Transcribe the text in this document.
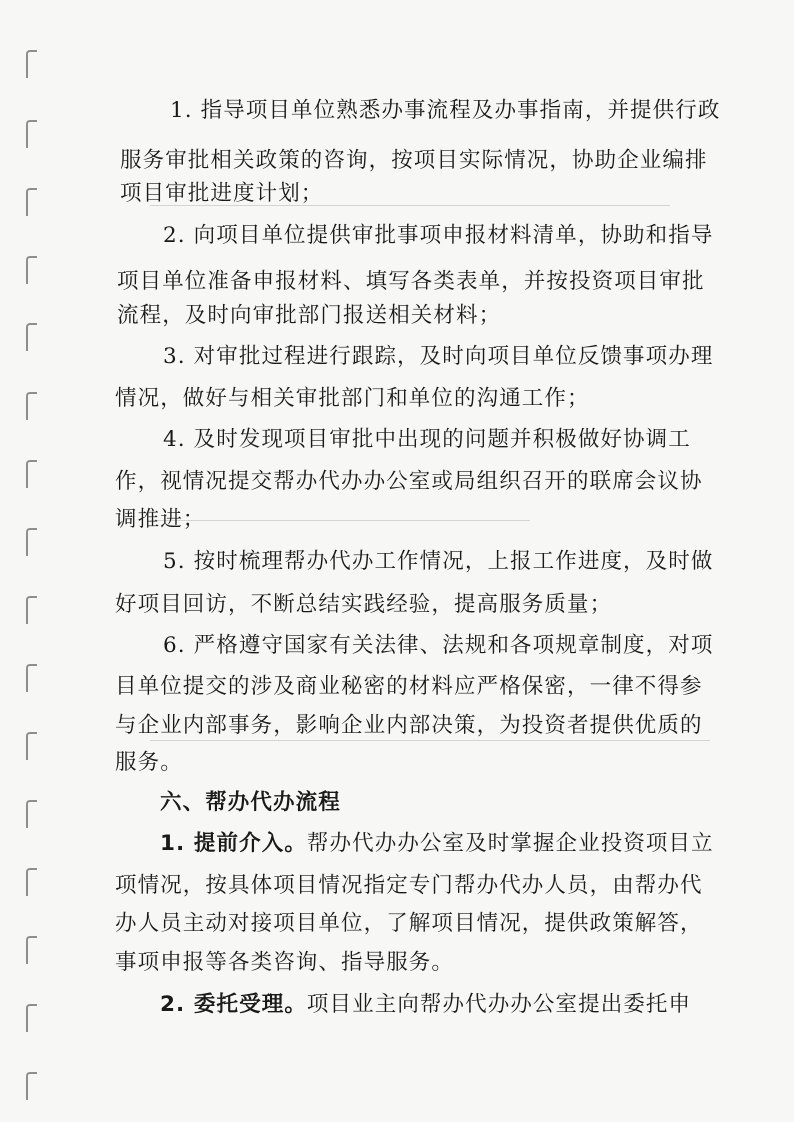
1. 指导项目单位熟悉办事流程及办事指南，并提供行政
服务审批相关政策的咨询，按项目实际情况，协助企业编排
项目审批进度计划；
2. 向项目单位提供审批事项申报材料清单，协助和指导
项目单位准备申报材料、填写各类表单，并按投资项目审批
流程，及时向审批部门报送相关材料；
3. 对审批过程进行跟踪，及时向项目单位反馈事项办理
情况，做好与相关审批部门和单位的沟通工作；
4. 及时发现项目审批中出现的问题并积极做好协调工
作，视情况提交帮办代办办公室或局组织召开的联席会议协
调推进；
5. 按时梳理帮办代办工作情况，上报工作进度，及时做
好项目回访，不断总结实践经验，提高服务质量；
6. 严格遵守国家有关法律、法规和各项规章制度，对项
目单位提交的涉及商业秘密的材料应严格保密，一律不得参
与企业内部事务，影响企业内部决策，为投资者提供优质的
服务。
六、帮办代办流程
1. 提前介入。帮办代办办公室及时掌握企业投资项目立
项情况，按具体项目情况指定专门帮办代办人员，由帮办代
办人员主动对接项目单位，了解项目情况，提供政策解答，
事项申报等各类咨询、指导服务。
2. 委托受理。项目业主向帮办代办办公室提出委托申
